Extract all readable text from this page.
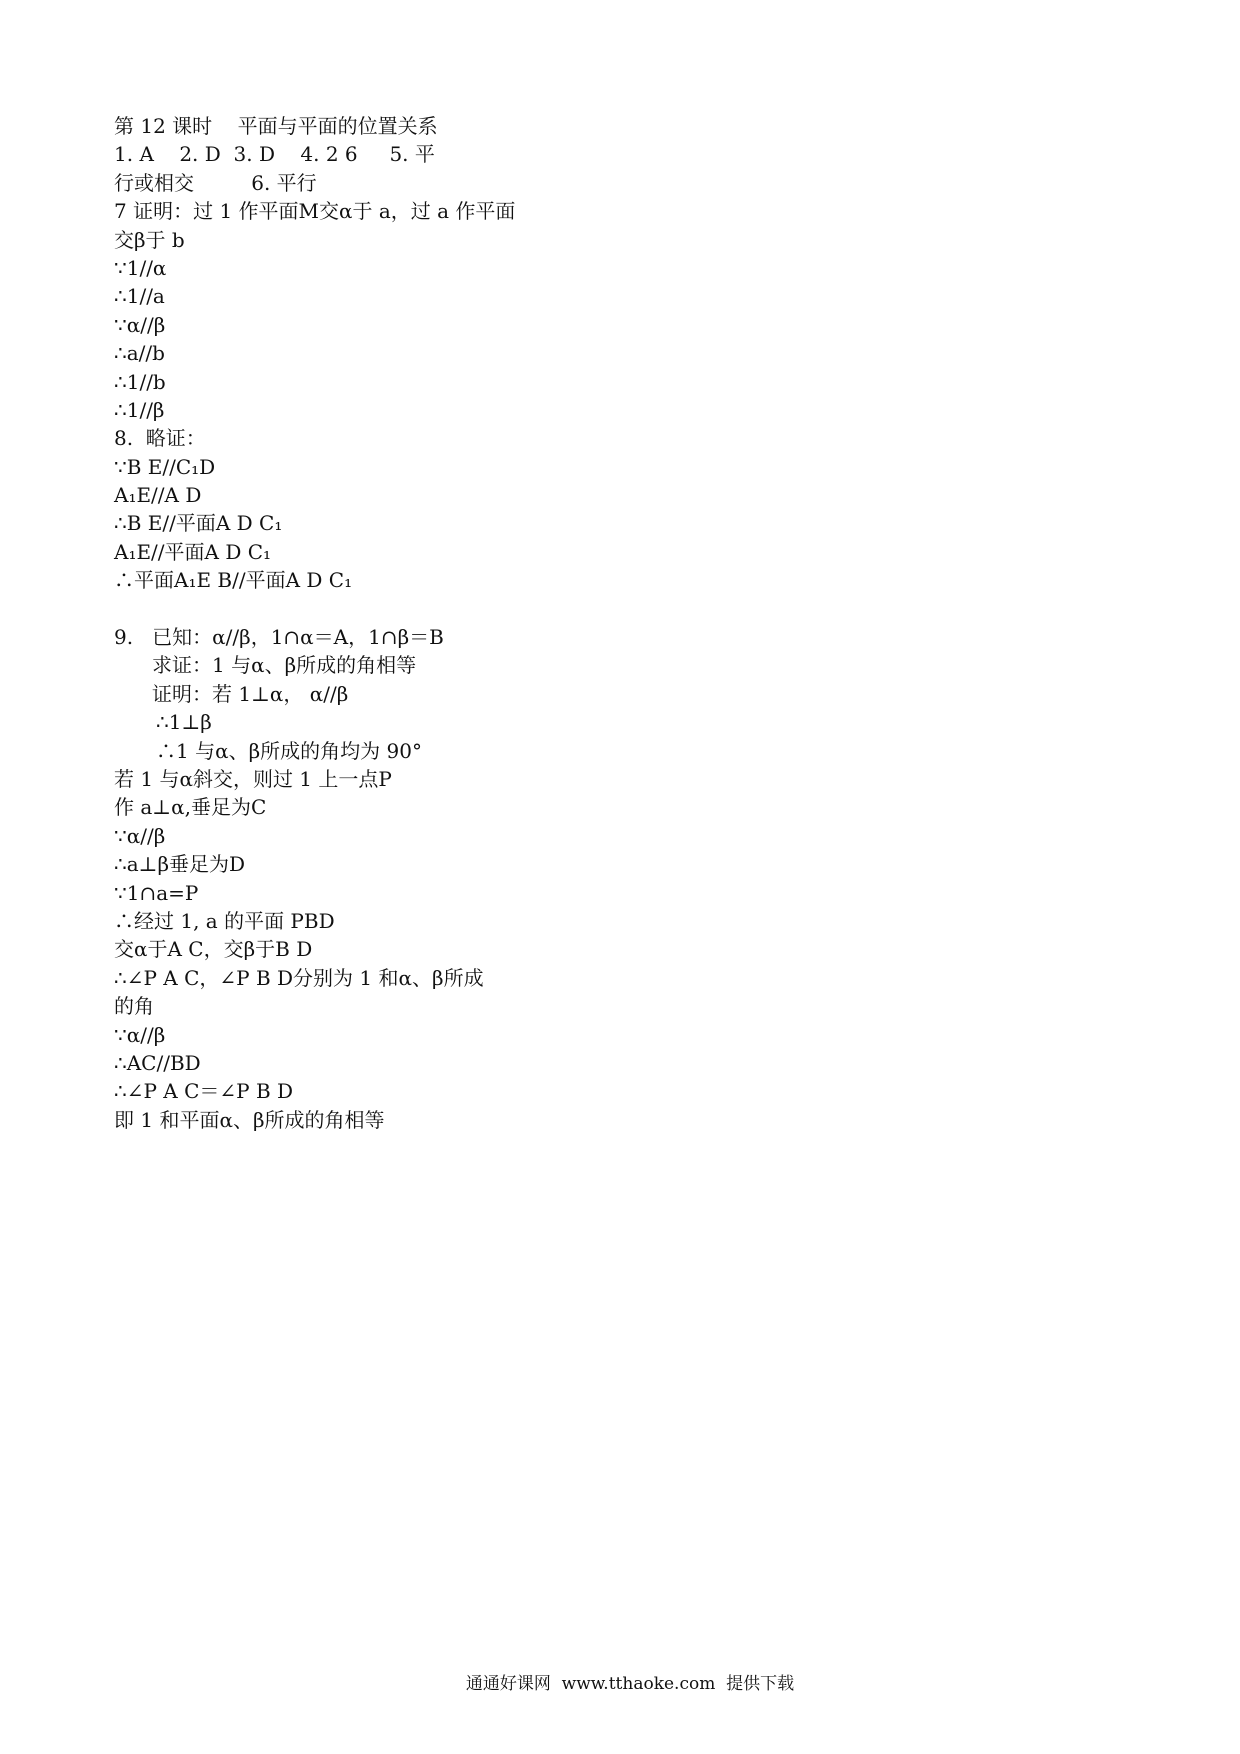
第 12 课时    平面与平面的位置关系
1. A    2. D  3. D    4. 2 6     5. 平
行或相交         6. 平行
7 证明：过 1 作平面M交α于 a，过 a 作平面
交β于 b
∵1//α
∴1//a
∵α//β
∴a//b
∴1//b
∴1//β
8.  略证：
∵B E//C₁D
A₁E//A D
∴B E//平面A D C₁
A₁E//平面A D C₁
∴平面A₁E B//平面A D C₁
9.   已知：α//β，1∩α＝A，1∩β＝B
求证：1 与α、β所成的角相等
证明：若 1⊥α， α//β
∴1⊥β
∴1 与α、β所成的角均为 90°
若 1 与α斜交，则过 1 上一点P
作 a⊥α,垂足为C
∵α//β
∴a⊥β垂足为D
∵1∩a=P
∴经过 1, a 的平面 PBD
交α于A C，交β于B D
∴∠P A C，∠P B D分别为 1 和α、β所成
的角
∵α//β
∴AC//BD
∴∠P A C＝∠P B D
即 1 和平面α、β所成的角相等
通通好课网  www.tthaoke.com  提供下载
